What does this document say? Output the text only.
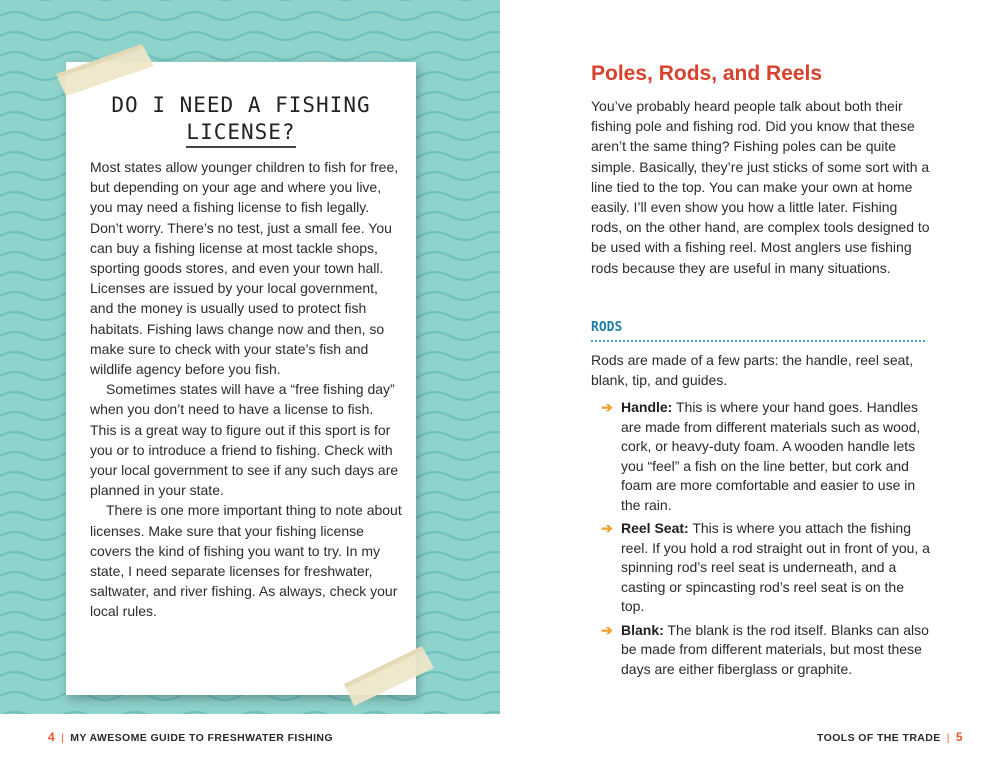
DO I NEED A FISHING
LICENSE?

Most states allow younger children to fish for free, but depending on your age and where you live, you may need a fishing license to fish legally. Don’t worry. There’s no test, just a small fee. You can buy a fishing license at most tackle shops, sporting goods stores, and even your town hall. Licenses are issued by your local government, and the money is usually used to protect fish habitats. Fishing laws change now and then, so make sure to check with your state’s fish and wildlife agency before you fish.

Sometimes states will have a “free fishing day” when you don’t need to have a license to fish. This is a great way to figure out if this sport is for you or to introduce a friend to fishing. Check with your local government to see if any such days are planned in your state.

There is one more important thing to note about licenses. Make sure that your fishing license covers the kind of fishing you want to try. In my state, I need separate licenses for freshwater, saltwater, and river fishing. As always, check your local rules.

4 | MY AWESOME GUIDE TO FRESHWATER FISHING
Poles, Rods, and Reels
You’ve probably heard people talk about both their fishing pole and fishing rod. Did you know that these aren’t the same thing? Fishing poles can be quite simple. Basically, they’re just sticks of some sort with a line tied to the top. You can make your own at home easily. I’ll even show you how a little later. Fishing rods, on the other hand, are complex tools designed to be used with a fishing reel. Most anglers use fishing rods because they are useful in many situations.
RODS
Rods are made of a few parts: the handle, reel seat, blank, tip, and guides.
➔ Handle: This is where your hand goes. Handles are made from different materials such as wood, cork, or heavy-duty foam. A wooden handle lets you “feel” a fish on the line better, but cork and foam are more comfortable and easier to use in the rain.
➔ Reel Seat: This is where you attach the fishing reel. If you hold a rod straight out in front of you, a spinning rod’s reel seat is underneath, and a casting or spincasting rod’s reel seat is on the top.
➔ Blank: The blank is the rod itself. Blanks can also be made from different materials, but most these days are either fiberglass or graphite.
TOOLS OF THE TRADE | 5
